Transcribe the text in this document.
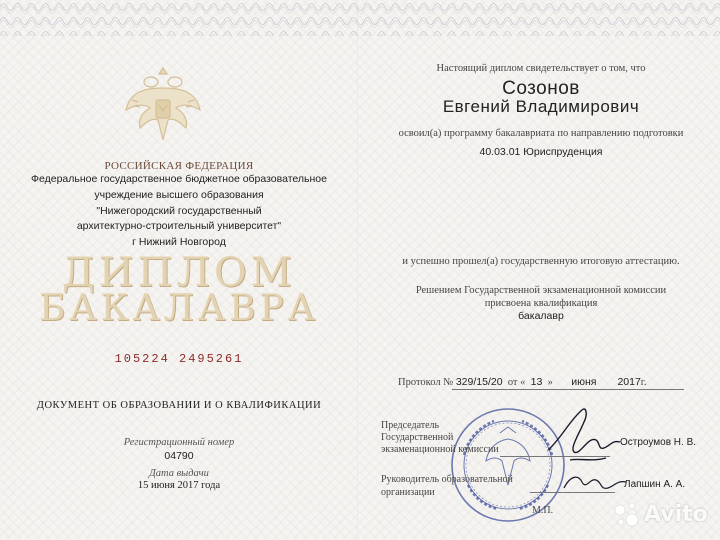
РОССИЙСКАЯ ФЕДЕРАЦИЯ
Федеральное государственное бюджетное образовательное
учреждение высшего образования
"Нижегородский государственный
архитектурно-строительный университет"
г Нижний Новгород
ДИПЛОМ
БАКАЛАВРА
105224 2495261
ДОКУМЕНТ ОБ ОБРАЗОВАНИИ И О КВАЛИФИКАЦИИ
Регистрационный номер
04790
Дата выдачи
15 июня 2017 года
Настоящий диплом свидетельствует о том, что
Созонов
Евгений Владимирович
освоил(а) программу бакалавриата по направлению подготовки
40.03.01 Юриспруденция
и успешно прошел(а) государственную итоговую аттестацию.
Решением Государственной экзаменационной комиссии
присвоена квалификация
бакалавр
Протокол № 329/15/20 от « 13 » июня 2017г.
Председатель
Государственной
экзаменационной комиссии
Остроумов Н. В.
Руководитель образовательной
организации
Лапшин А. А.
М.П.	Avito
